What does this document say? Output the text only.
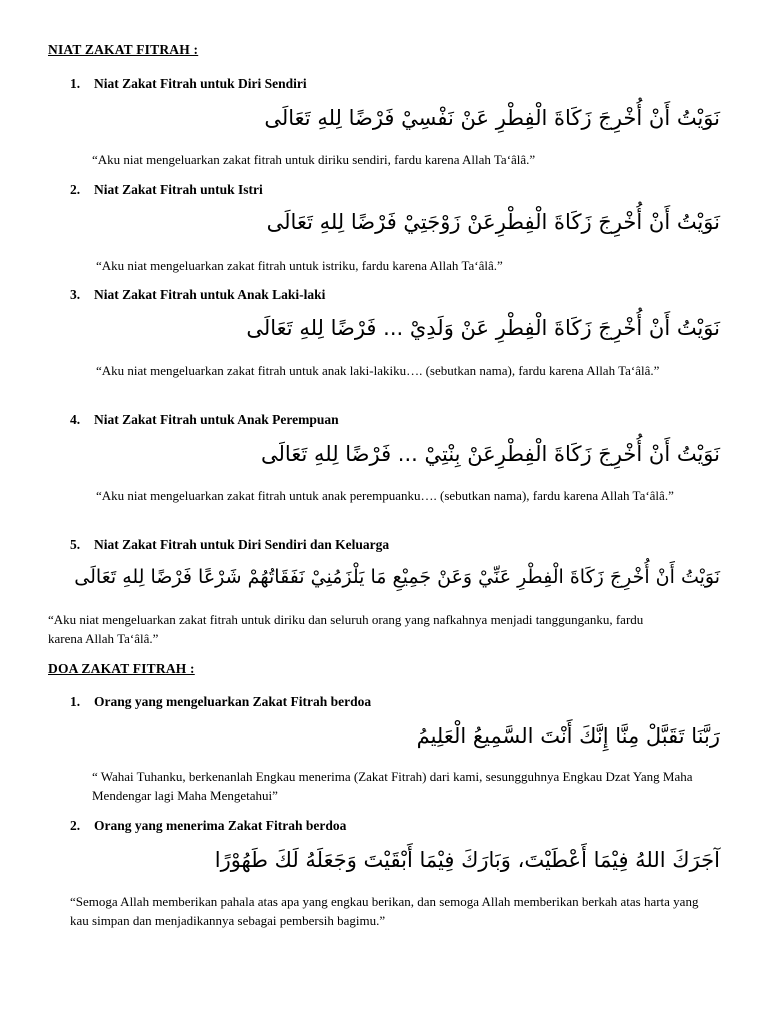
NIAT ZAKAT FITRAH :
1. Niat Zakat Fitrah untuk Diri Sendiri
نَوَيْتُ أَنْ أُخْرِجَ زَكَاةَ الْفِطْرِ عَنْ نَفْسِيْ فَرْضًا لِلهِ تَعَالَى
“Aku niat mengeluarkan zakat fitrah untuk diriku sendiri, fardu karena Allah Ta‘âlâ.”
2. Niat Zakat Fitrah untuk Istri
نَوَيْتُ أَنْ أُخْرِجَ زَكَاةَ الْفِطْرِعَنْ زَوْجَتِيْ فَرْضًا لِلهِ تَعَالَى
“Aku niat mengeluarkan zakat fitrah untuk istriku, fardu karena Allah Ta‘âlâ.”
3. Niat Zakat Fitrah untuk Anak Laki-laki
نَوَيْتُ أَنْ أُخْرِجَ زَكَاةَ الْفِطْرِ عَنْ وَلَدِيْ ... فَرْضًا لِلهِ تَعَالَى
“Aku niat mengeluarkan zakat fitrah untuk anak laki-lakiku…. (sebutkan nama), fardu karena Allah Ta‘âlâ.”
4. Niat Zakat Fitrah untuk Anak Perempuan
نَوَيْتُ أَنْ أُخْرِجَ زَكَاةَ الْفِطْرِعَنْ بِنْتِيْ ... فَرْضًا لِلهِ تَعَالَى
“Aku niat mengeluarkan zakat fitrah untuk anak perempuanku…. (sebutkan nama), fardu karena Allah Ta‘âlâ.”
5. Niat Zakat Fitrah untuk Diri Sendiri dan Keluarga
نَوَيْتُ أَنْ أُخْرِجَ زَكَاةَ الْفِطْرِ عَنِّيْ وَعَنْ جَمِيْعِ مَا يَلْزَمُنِيْ نَفَقَاتُهُمْ شَرْعًا فَرْضًا لِلهِ تَعَالَى
“Aku niat mengeluarkan zakat fitrah untuk diriku dan seluruh orang yang nafkahnya menjadi tanggunganku, fardu karena Allah Ta‘âlâ.”
DOA ZAKAT FITRAH :
1. Orang yang mengeluarkan Zakat Fitrah berdoa
رَبَّنَا تَقَبَّلْ مِنَّا إِنَّكَ أَنْتَ السَّمِيعُ الْعَلِيمُ
“ Wahai Tuhanku, berkenanlah Engkau menerima (Zakat Fitrah) dari kami, sesungguhnya Engkau Dzat Yang Maha Mendengar lagi Maha Mengetahui”
2. Orang yang menerima Zakat Fitrah berdoa
آجَرَكَ اللهُ فِيْمَا أَعْطَيْتَ، وَبَارَكَ فِيْمَا أَبْقَيْتَ وَجَعَلَهُ لَكَ طَهُوْرًا
“Semoga Allah memberikan pahala atas apa yang engkau berikan, dan semoga Allah memberikan berkah atas harta yang kau simpan dan menjadikannya sebagai pembersih bagimu.”
